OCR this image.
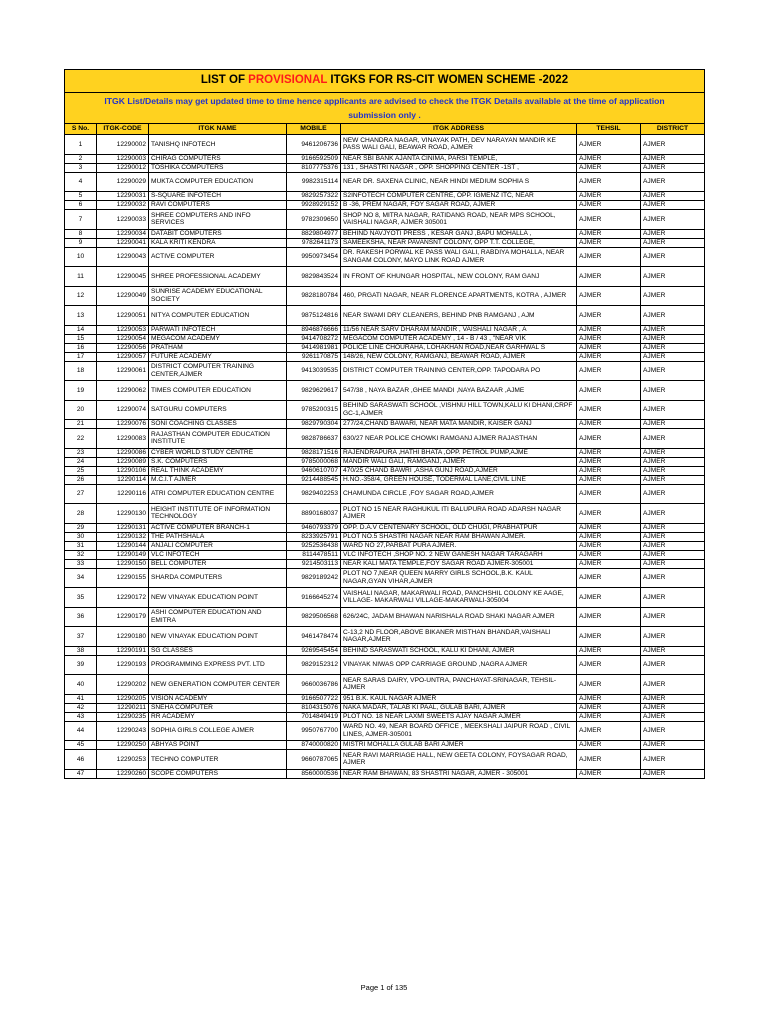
LIST OF PROVISIONAL ITGKS FOR RS-CIT WOMEN SCHEME -2022						
ITGK List/Details may get updated time to time hence applicants are advised to check the ITGK Details available at the time of application submission only .						
S No.	ITGK-CODE	ITGK NAME	MOBILE	ITGK ADDRESS	TEHSIL	DISTRICT
1	12290002	TANISHQ INFOTECH	9461206736	NEW CHANDRA NAGAR, VINAYAK PATH, DEV NARAYAN MANDIR KE PASS WALI GALI, BEAWAR ROAD, AJMER	AJMER	AJMER
2	12290003	CHIRAG COMPUTERS	9166592509	NEAR SBI BANK AJANTA CINIMA, PARSI TEMPLE,	AJMER	AJMER
3	12290012	TOSHIKA COMPUTERS	8107775376	131 , SHASTRI NAGAR , OPP. SHOPPING CENTER -1ST ,	AJMER	AJMER
4	12290029	MUKTA COMPUTER EDUCATION	9982315114	NEAR DR. SAXENA CLINIC, NEAR HINDI MEDIUM SOPHIA S	AJMER	AJMER
5	12290031	S-SQUARE INFOTECH	9829257322	S2INFOTECH COMPUTER CENTRE, OPP. IGMENZ ITC, NEAR	AJMER	AJMER
6	12290032	RAVI COMPUTERS	9928929152	B -36, PREM NAGAR, FOY SAGAR ROAD, AJMER	AJMER	AJMER
7	12290033	SHREE COMPUTERS AND INFO SERVICES	9782309650	SHOP NO 8, MITRA NAGAR, RATIDANG ROAD, NEAR MPS SCHOOL, VAISHALI NAGAR, AJMER 305001	AJMER	AJMER
8	12290034	DATABIT COMPUTERS	8829804977	BEHIND NAVJYOTI PRESS , KESAR GANJ ,BAPU MOHALLA ,	AJMER	AJMER
9	12290041	KALA KRITI KENDRA	9782641173	SAMEEKSHA, NEAR PAVANSNT COLONY, OPP T.T. COLLEGE,	AJMER	AJMER
10	12290043	ACTIVE COMPUTER	9950973454	DR. RAKESH PORWAL KE PASS WALI GALI, RABDIYA MOHALLA, NEAR SANGAM COLONY, MAYO LINK ROAD AJMER	AJMER	AJMER
11	12290045	SHREE PROFESSIONAL ACADEMY	9829843524	IN FRONT OF KHUNGAR HOSPITAL, NEW COLONY, RAM GANJ	AJMER	AJMER
12	12290049	SUNRISE ACADEMY EDUCATIONAL SOCIETY	9828180784	460, PRGATI NAGAR, NEAR FLORENCE APARTMENTS, KOTRA , AJMER	AJMER	AJMER
13	12290051	NITYA COMPUTER EDUCATION	9875124816	NEAR SWAMI DRY CLEANERS, BEHIND PNB RAMGANJ , AJM	AJMER	AJMER
14	12290053	PARWATI INFOTECH	8946876666	11/56 NEAR SARV DHARAM MANDIR , VAISHALI NAGAR , A	AJMER	AJMER
15	12290054	MEGACOM ACADEMY	9414708272	MEGACOM COMPUTER ACADEMY , 14 - B / 43 , "NEAR VIK	AJMER	AJMER
16	12290056	PRATHAM	9414981981	POLICE LINE CHOURAHA, LOHAKHAN ROAD,NEAR GARHWAL S	AJMER	AJMER
17	12290057	FUTURE ACADEMY	9261170875	148/26, NEW COLONY, RAMGANJ, BEAWAR ROAD, AJMER	AJMER	AJMER
18	12290061	DISTRICT COMPUTER TRAINING CENTER,AJMER	9413039535	DISTRICT COMPUTER TRAINING CENTER,OPP. TAPODARA PO	AJMER	AJMER
19	12290062	TIMES COMPUTER EDUCATION	9829629617	547/38 , NAYA BAZAR ,GHEE MANDI ,NAYA BAZAAR ,AJME	AJMER	AJMER
20	12290074	SATGURU COMPUTERS	9785200315	BEHIND SARASWATI SCHOOL ,VISHNU HILL TOWN,KALU KI DHANI,CRPF GC-1,AJMER	AJMER	AJMER
21	12290076	SONI COACHING CLASSES	9829790304	277/24,CHAND BAWARI, NEAR MATA MANDIR, KAISER GANJ	AJMER	AJMER
22	12290083	RAJASTHAN COMPUTER EDUCATION INSTITUTE	9828786637	630/27 NEAR POLICE CHOWKI RAMGANJ AJMER RAJASTHAN	AJMER	AJMER
23	12290086	CYBER WORLD STUDY CENTRE	9828171516	RAJENDRAPURA ,HATHI BHATA ,OPP. PETROL PUMP,AJME	AJMER	AJMER
24	12290089	S.K. COMPUTERS	9785000068	MANDIR WALI GALI, RAMGANJ, AJMER	AJMER	AJMER
25	12290106	REAL THINK ACADEMY	9460610707	470/25 CHAND BAWRI ,ASHA GUNJ ROAD,AJMER	AJMER	AJMER
26	12290114	M.C.I.T AJMER	9214488545	H.NO.-358/4, GREEN HOUSE, TODERMAL LANE,CIVIL LINE	AJMER	AJMER
27	12290116	ATRI COMPUTER EDUCATION CENTRE	9829402253	CHAMUNDA CIRCLE ,FOY SAGAR ROAD,AJMER	AJMER	AJMER
28	12290130	HEIGHT INSTITUTE OF INFORMATION TECHNOLOGY	8890168037	PLOT NO 15 NEAR RAGHUKUL ITI BALUPURA ROAD ADARSH NAGAR AJMER	AJMER	AJMER
29	12290131	ACTIVE COMPUTER BRANCH-1	9460793379	OPP. D.A.V CENTENARY SCHOOL, OLD CHUGI, PRABHATPUR	AJMER	AJMER
30	12290132	THE PATHSHALA	8233925791	PLOT NO.5 SHASTRI NAGAR NEAR RAM BHAWAN AJMER.	AJMER	AJMER
31	12290144	ANJALI COMPUTER	9252536438	WARD NO 27,PARBAT PURA AJMER.	AJMER	AJMER
32	12290149	VLC INFOTECH	8114478511	VLC INFOTECH ,SHOP NO. 2 NEW GANESH NAGAR TARAGARH	AJMER	AJMER
33	12290150	BELL COMPUTER	9214503113	NEAR KALI MATA TEMPLE,FOY SAGAR ROAD AJMER-305001	AJMER	AJMER
34	12290155	SHARDA COMPUTERS	9829189242	PLOT NO 7,NEAR QUEEN MARRY GIRLS SCHOOL,B.K. KAUL NAGAR,GYAN VIHAR,AJMER	AJMER	AJMER
35	12290172	NEW VINAYAK EDUCATION POINT	9166645274	VAISHALI NAGAR, MAKARWALI ROAD, PANCHSHIL COLONY KE AAGE, VILLAGE- MAKARWALI VILLAGE-MAKARWALI-305004	AJMER	AJMER
36	12290179	ASHI COMPUTER EDUCATION AND EMITRA	9829506568	626/24C, JADAM BHAWAN NARISHALA ROAD SHAKI NAGAR AJMER	AJMER	AJMER
37	12290180	NEW VINAYAK EDUCATION POINT	9461478474	C-13,2 ND FLOOR,ABOVE BIKANER MISTHAN BHANDAR,VAISHALI NAGAR,AJMER	AJMER	AJMER
38	12290191	SG CLASSES	9269545454	BEHIND SARASWATI SCHOOL, KALU KI DHANI, AJMER	AJMER	AJMER
39	12290193	PROGRAMMING EXPRESS PVT. LTD	9829152312	VINAYAK NIWAS OPP CARRIAGE GROUND ,NAGRA AJMER	AJMER	AJMER
40	12290202	NEW GENERATION COMPUTER CENTER	9660036786	NEAR SARAS DAIRY, VPO-UNTRA, PANCHAYAT-SRINAGAR, TEHSIL- AJMER	AJMER	AJMER
41	12290205	VISION ACADEMY	9166507722	951 B.K. KAUL NAGAR AJMER	AJMER	AJMER
42	12290211	SNEHA COMPUTER	8104315076	NAKA MADAR, TALAB KI PAAL, GULAB BARI, AJMER	AJMER	AJMER
43	12290235	RR ACADEMY	7014849419	PLOT NO. 18 NEAR LAXMI SWEETS AJAY NAGAR AJMER	AJMER	AJMER
44	12290243	SOPHIA GIRLS COLLEGE AJMER	9950767700	WARD NO. 49, NEAR BOARD OFFICE , MEEKSHALI JAIPUR ROAD , CIVIL LINES, AJMER-305001	AJMER	AJMER
45	12290250	ABHYAS POINT	8740000820	MISTRI MOHALLA GULAB BARI AJMER	AJMER	AJMER
46	12290253	TECHNO COMPUTER	9660787065	NEAR RAVI MARRIAGE HALL, NEW GEETA COLONY, FOYSAGAR ROAD, AJMER	AJMER	AJMER
47	12290260	SCOPE COMPUTERS	8560000536	NEAR RAM BHAWAN, 83 SHASTRI NAGAR, AJMER - 305001	AJMER	AJMER
Page 1 of 135
